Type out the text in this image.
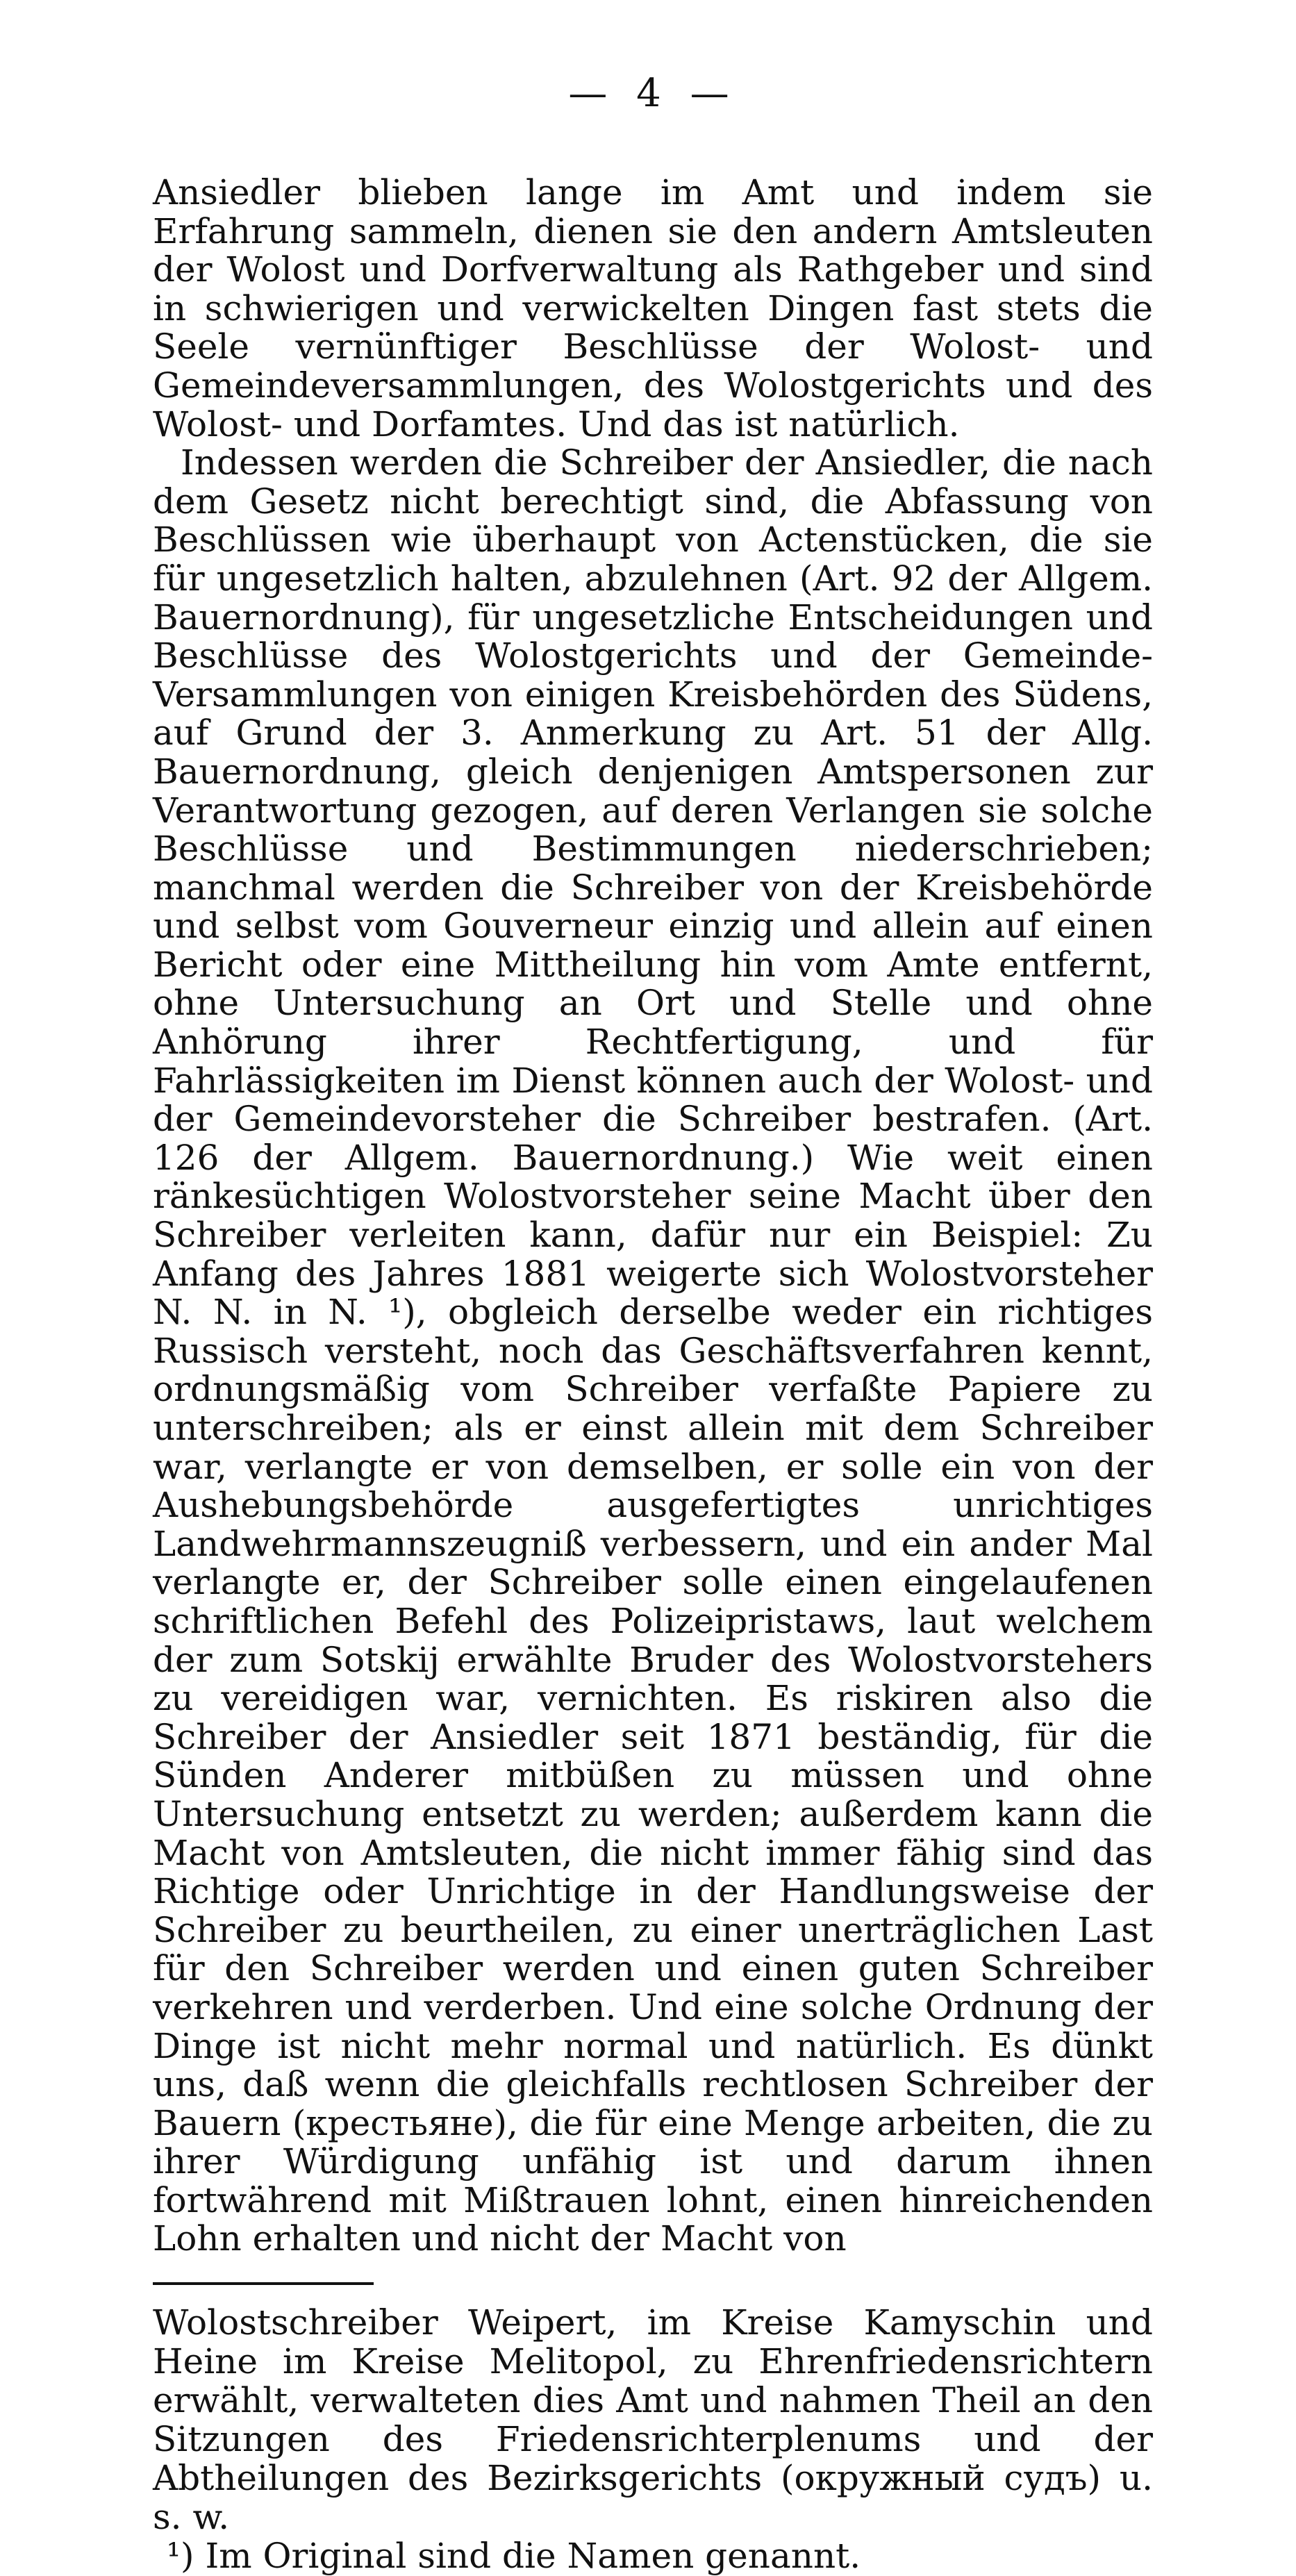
— 4 —

Ansiedler blieben lange im Amt und indem sie Erfahrung sammeln, dienen sie den andern Amtsleuten der Wolost und Dorfverwaltung als Rathgeber und sind in schwierigen und verwickelten Dingen fast stets die Seele vernünftiger Beschlüsse der Wolost- und Gemeindeversammlungen, des Wolostgerichts und des Wolost- und Dorfamtes. Und das ist natürlich.

Indessen werden die Schreiber der Ansiedler, die nach dem Gesetz nicht berechtigt sind, die Abfassung von Beschlüssen wie überhaupt von Actenstücken, die sie für ungesetzlich halten, abzulehnen (Art. 92 der Allgem. Bauernordnung), für ungesetzliche Entscheidungen und Beschlüsse des Wolostgerichts und der Gemeinde-Versammlungen von einigen Kreisbehörden des Südens, auf Grund der 3. Anmerkung zu Art. 51 der Allg. Bauernordnung, gleich denjenigen Amtspersonen zur Verantwortung gezogen, auf deren Verlangen sie solche Beschlüsse und Bestimmungen niederschrieben; manchmal werden die Schreiber von der Kreisbehörde und selbst vom Gouverneur einzig und allein auf einen Bericht oder eine Mittheilung hin vom Amte entfernt, ohne Untersuchung an Ort und Stelle und ohne Anhörung ihrer Rechtfertigung, und für Fahrlässigkeiten im Dienst können auch der Wolost- und der Gemeindevorsteher die Schreiber bestrafen. (Art. 126 der Allgem. Bauernordnung.) Wie weit einen ränkesüchtigen Wolostvorsteher seine Macht über den Schreiber verleiten kann, dafür nur ein Beispiel: Zu Anfang des Jahres 1881 weigerte sich Wolostvorsteher N. N. in N. ¹), obgleich derselbe weder ein richtiges Russisch versteht, noch das Geschäftsverfahren kennt, ordnungsmäßig vom Schreiber verfaßte Papiere zu unterschreiben; als er einst allein mit dem Schreiber war, verlangte er von demselben, er solle ein von der Aushebungsbehörde ausgefertigtes unrichtiges Landwehrmannszeugniß verbessern, und ein ander Mal verlangte er, der Schreiber solle einen eingelaufenen schriftlichen Befehl des Polizeipristaws, laut welchem der zum Sotskij erwählte Bruder des Wolostvorstehers zu vereidigen war, vernichten. Es riskiren also die Schreiber der Ansiedler seit 1871 beständig, für die Sünden Anderer mitbüßen zu müssen und ohne Untersuchung entsetzt zu werden; außerdem kann die Macht von Amtsleuten, die nicht immer fähig sind das Richtige oder Unrichtige in der Handlungsweise der Schreiber zu beurtheilen, zu einer unerträglichen Last für den Schreiber werden und einen guten Schreiber verkehren und verderben. Und eine solche Ordnung der Dinge ist nicht mehr normal und natürlich. Es dünkt uns, daß wenn die gleichfalls rechtlosen Schreiber der Bauern (крестьяне), die für eine Menge arbeiten, die zu ihrer Würdigung unfähig ist und darum ihnen fortwährend mit Mißtrauen lohnt, einen hinreichenden Lohn erhalten und nicht der Macht von

Wolostschreiber Weipert, im Kreise Kamyschin und Heine im Kreise Melitopol, zu Ehrenfriedensrichtern erwählt, verwalteten dies Amt und nahmen Theil an den Sitzungen des Friedensrichterplenums und der Abtheilungen des Bezirksgerichts (окружный судъ) u. s. w.

¹) Im Original sind die Namen genannt.
